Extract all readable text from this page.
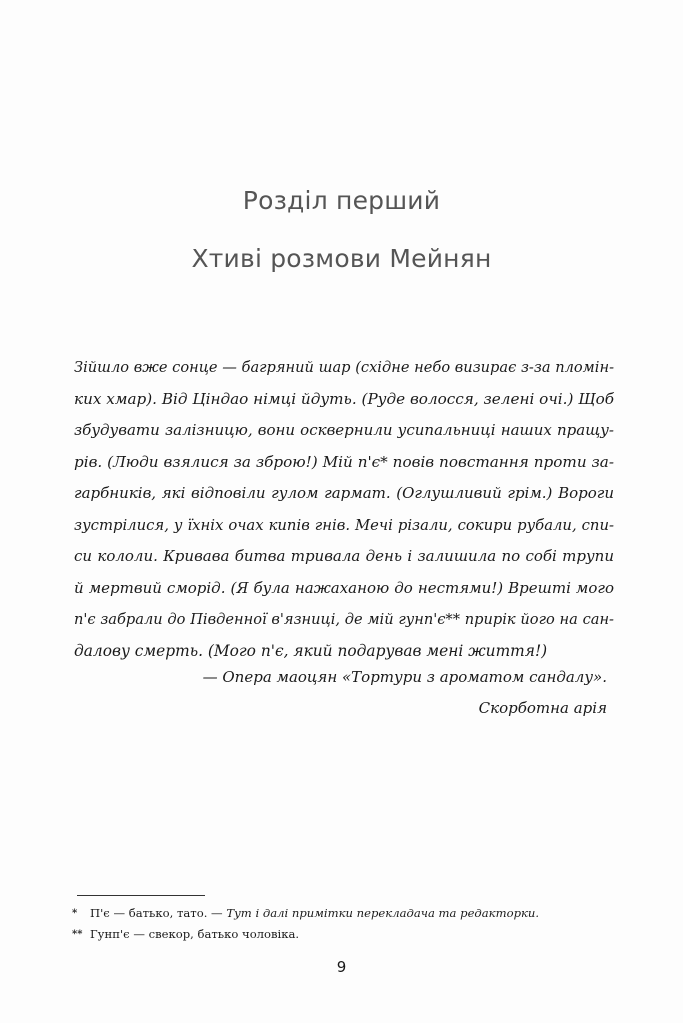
Розділ перший
Хтиві розмови Мейнян

Зійшло вже сонце — багряний шар (східне небо визирає з-за пломін-
ких хмар). Від Ціндао німці йдуть. (Руде волосся, зелені очі.) Щоб
збудувати залізницю, вони осквернили усипальниці наших пращу-
рів. (Люди взялися за зброю!) Мій п'є* повів повстання проти за-
гарбників, які відповіли гулом гармат. (Оглушливий грім.) Вороги
зустрілися, у їхніх очах кипів гнів. Мечі різали, сокири рубали, спи-
си кололи. Кривава битва тривала день і залишила по собі трупи
й мертвий сморід. (Я була нажаханою до нестями!) Врешті мого
п'є забрали до Південної в'язниці, де мій гунп'є** прирік його на сан-
далову смерть. (Мого п'є, який подарував мені життя!)

— Опера маоцян «Тортури з ароматом сандалу».
Скорботна арія
* П'є — батько, тато. — Тут і далі примітки перекладача та редакторки.
** Гунп'є — свекор, батько чоловіка.
9
